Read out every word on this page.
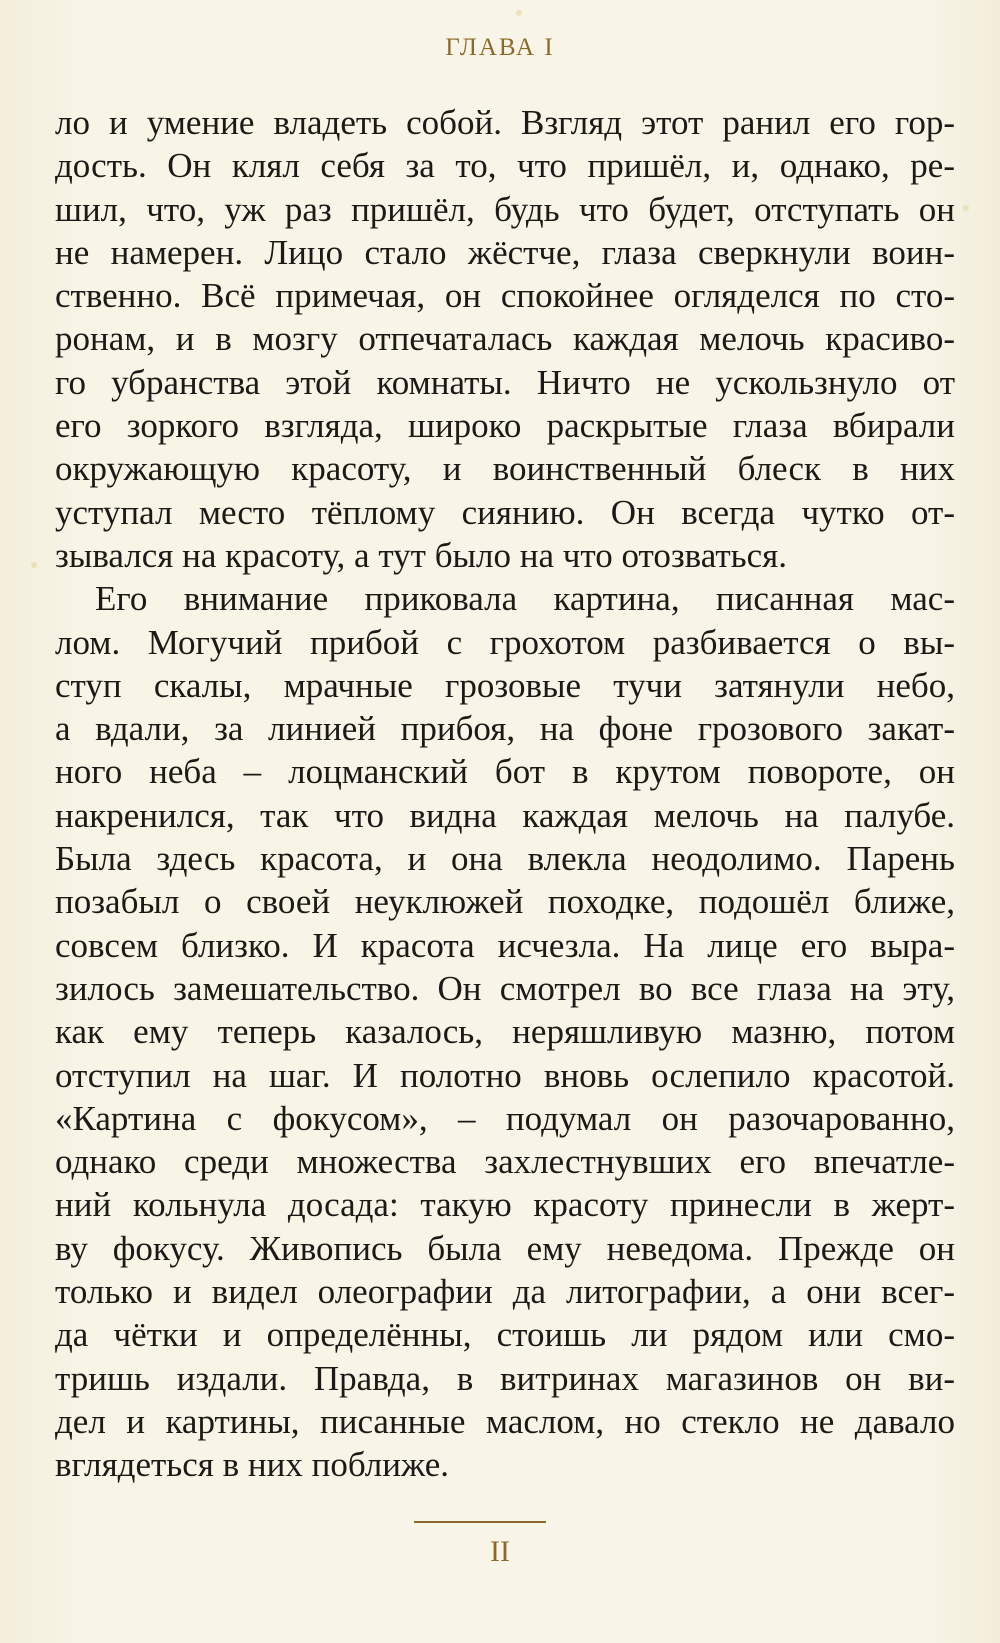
ГЛАВА I
ло и умение владеть собой. Взгляд этот ранил его гор-
дость. Он клял себя за то, что пришёл, и, однако, ре-
шил, что, уж раз пришёл, будь что будет, отступать он
не намерен. Лицо стало жёстче, глаза сверкнули воин-
ственно. Всё примечая, он спокойнее огляделся по сто-
ронам, и в мозгу отпечаталась каждая мелочь красиво-
го убранства этой комнаты. Ничто не ускользнуло от
его зоркого взгляда, широко раскрытые глаза вбирали
окружающую красоту, и воинственный блеск в них
уступал место тёплому сиянию. Он всегда чутко от-
зывался на красоту, а тут было на что отозваться.
Его внимание приковала картина, писанная мас-
лом. Могучий прибой с грохотом разбивается о вы-
ступ скалы, мрачные грозовые тучи затянули небо,
а вдали, за линией прибоя, на фоне грозового закат-
ного неба – лоцманский бот в крутом повороте, он
накренился, так что видна каждая мелочь на палубе.
Была здесь красота, и она влекла неодолимо. Парень
позабыл о своей неуклюжей походке, подошёл ближе,
совсем близко. И красота исчезла. На лице его выра-
зилось замешательство. Он смотрел во все глаза на эту,
как ему теперь казалось, неряшливую мазню, потом
отступил на шаг. И полотно вновь ослепило красотой.
«Картина с фокусом», – подумал он разочарованно,
однако среди множества захлестнувших его впечатле-
ний кольнула досада: такую красоту принесли в жерт-
ву фокусу. Живопись была ему неведома. Прежде он
только и видел олеографии да литографии, а они всег-
да чётки и определённы, стоишь ли рядом или смо-
тришь издали. Правда, в витринах магазинов он ви-
дел и картины, писанные маслом, но стекло не давало
вглядеться в них поближе.
II
